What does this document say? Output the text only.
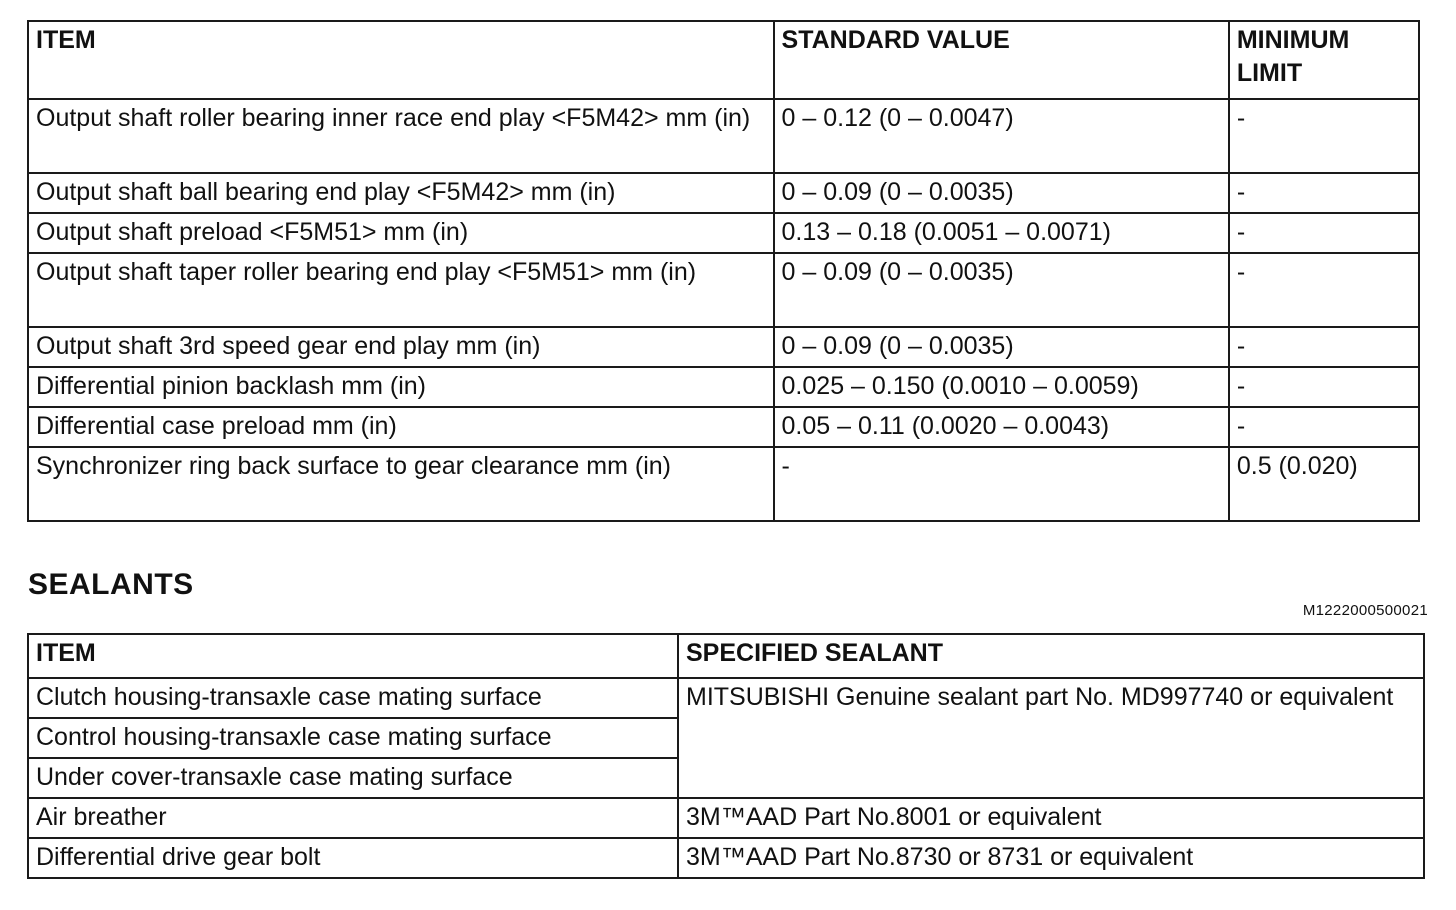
ITEM	STANDARD VALUE	MINIMUM LIMIT
Output shaft roller bearing inner race end play <F5M42> mm (in)	0 – 0.12 (0 – 0.0047)	-
Output shaft ball bearing end play <F5M42> mm (in)	0 – 0.09 (0 – 0.0035)	-
Output shaft preload <F5M51> mm (in)	0.13 – 0.18 (0.0051 – 0.0071)	-
Output shaft taper roller bearing end play <F5M51> mm (in)	0 – 0.09 (0 – 0.0035)	-
Output shaft 3rd speed gear end play mm (in)	0 – 0.09 (0 – 0.0035)	-
Differential pinion backlash mm (in)	0.025 – 0.150 (0.0010 – 0.0059)	-
Differential case preload mm (in)	0.05 – 0.11 (0.0020 – 0.0043)	-
Synchronizer ring back surface to gear clearance mm (in)	-	0.5 (0.020)
SEALANTS
M1222000500021
ITEM	SPECIFIED SEALANT
Clutch housing-transaxle case mating surface	MITSUBISHI Genuine sealant part No. MD997740 or equivalent
Control housing-transaxle case mating surface	
Under cover-transaxle case mating surface	
Air breather	3M™AAD Part No.8001 or equivalent
Differential drive gear bolt	3M™AAD Part No.8730 or 8731 or equivalent
